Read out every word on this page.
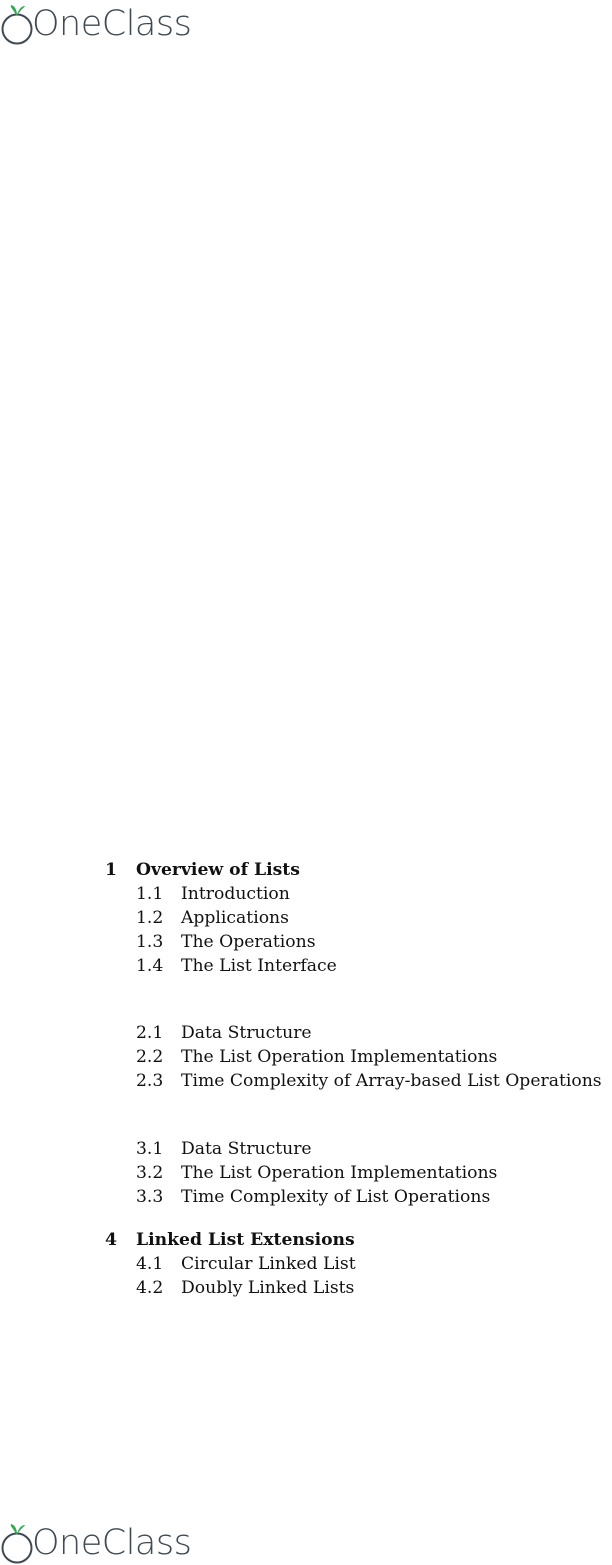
OneClass
1 Overview of Lists
1.1 Introduction
1.2 Applications
1.3 The Operations
1.4 The List Interface
2.1 Data Structure
2.2 The List Operation Implementations
2.3 Time Complexity of Array-based List Operations
3.1 Data Structure
3.2 The List Operation Implementations
3.3 Time Complexity of List Operations
4 Linked List Extensions
4.1 Circular Linked List
4.2 Doubly Linked Lists
OneClass
